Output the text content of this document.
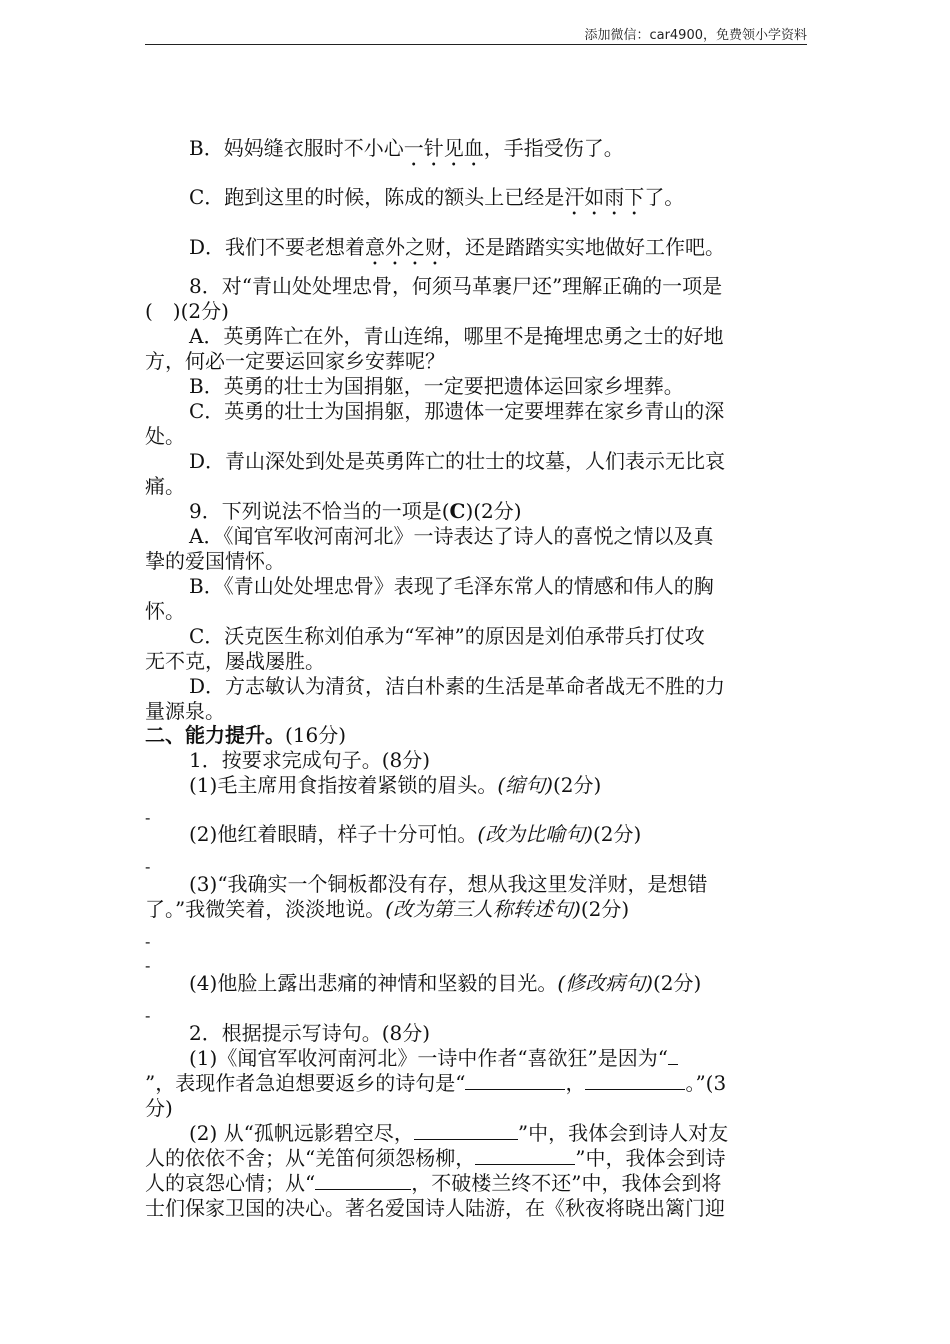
添加微信：car4900，免费领小学资料
B．妈妈缝衣服时不小心一针见血，手指受伤了。
C．跑到这里的时候，陈成的额头上已经是汗如雨下了。
D．我们不要老想着意外之财，还是踏踏实实地做好工作吧。
8．对“青山处处埋忠骨，何须马革裹尸还”理解正确的一项是
(　)(2分)
A．英勇阵亡在外，青山连绵，哪里不是掩埋忠勇之士的好地
方，何必一定要运回家乡安葬呢？
B．英勇的壮士为国捐躯，一定要把遗体运回家乡埋葬。
C．英勇的壮士为国捐躯，那遗体一定要埋葬在家乡青山的深
处。
D．青山深处到处是英勇阵亡的壮士的坟墓，人们表示无比哀
痛。
9．下列说法不恰当的一项是(C)(2分)
A．《闻官军收河南河北》一诗表达了诗人的喜悦之情以及真
挚的爱国情怀。
B．《青山处处埋忠骨》表现了毛泽东常人的情感和伟人的胸
怀。
C．沃克医生称刘伯承为“军神”的原因是刘伯承带兵打仗攻
无不克，屡战屡胜。
D．方志敏认为清贫，洁白朴素的生活是革命者战无不胜的力
量源泉。
二、能力提升。(16分)
1．按要求完成句子。(8分)
(1)毛主席用食指按着紧锁的眉头。(缩句)(2分)
-
(2)他红着眼睛，样子十分可怕。(改为比喻句)(2分)
-
(3)“我确实一个铜板都没有存，想从我这里发洋财，是想错
了。”我微笑着，淡淡地说。(改为第三人称转述句)(2分)
-
-
(4)他脸上露出悲痛的神情和坚毅的目光。(修改病句)(2分)
-
2．根据提示写诗句。(8分)
(1)《闻官军收河南河北》一诗中作者“喜欲狂”是因为“
”，表现作者急迫想要返乡的诗句是“	，	。”(3
分)
(2) 从“孤帆远影碧空尽，	”中，我体会到诗人对友
人的依依不舍；从“羌笛何须怨杨柳，	”中，我体会到诗
人的哀怨心情；从“	，不破楼兰终不还”中，我体会到将
士们保家卫国的决心。著名爱国诗人陆游，在《秋夜将晓出篱门迎
